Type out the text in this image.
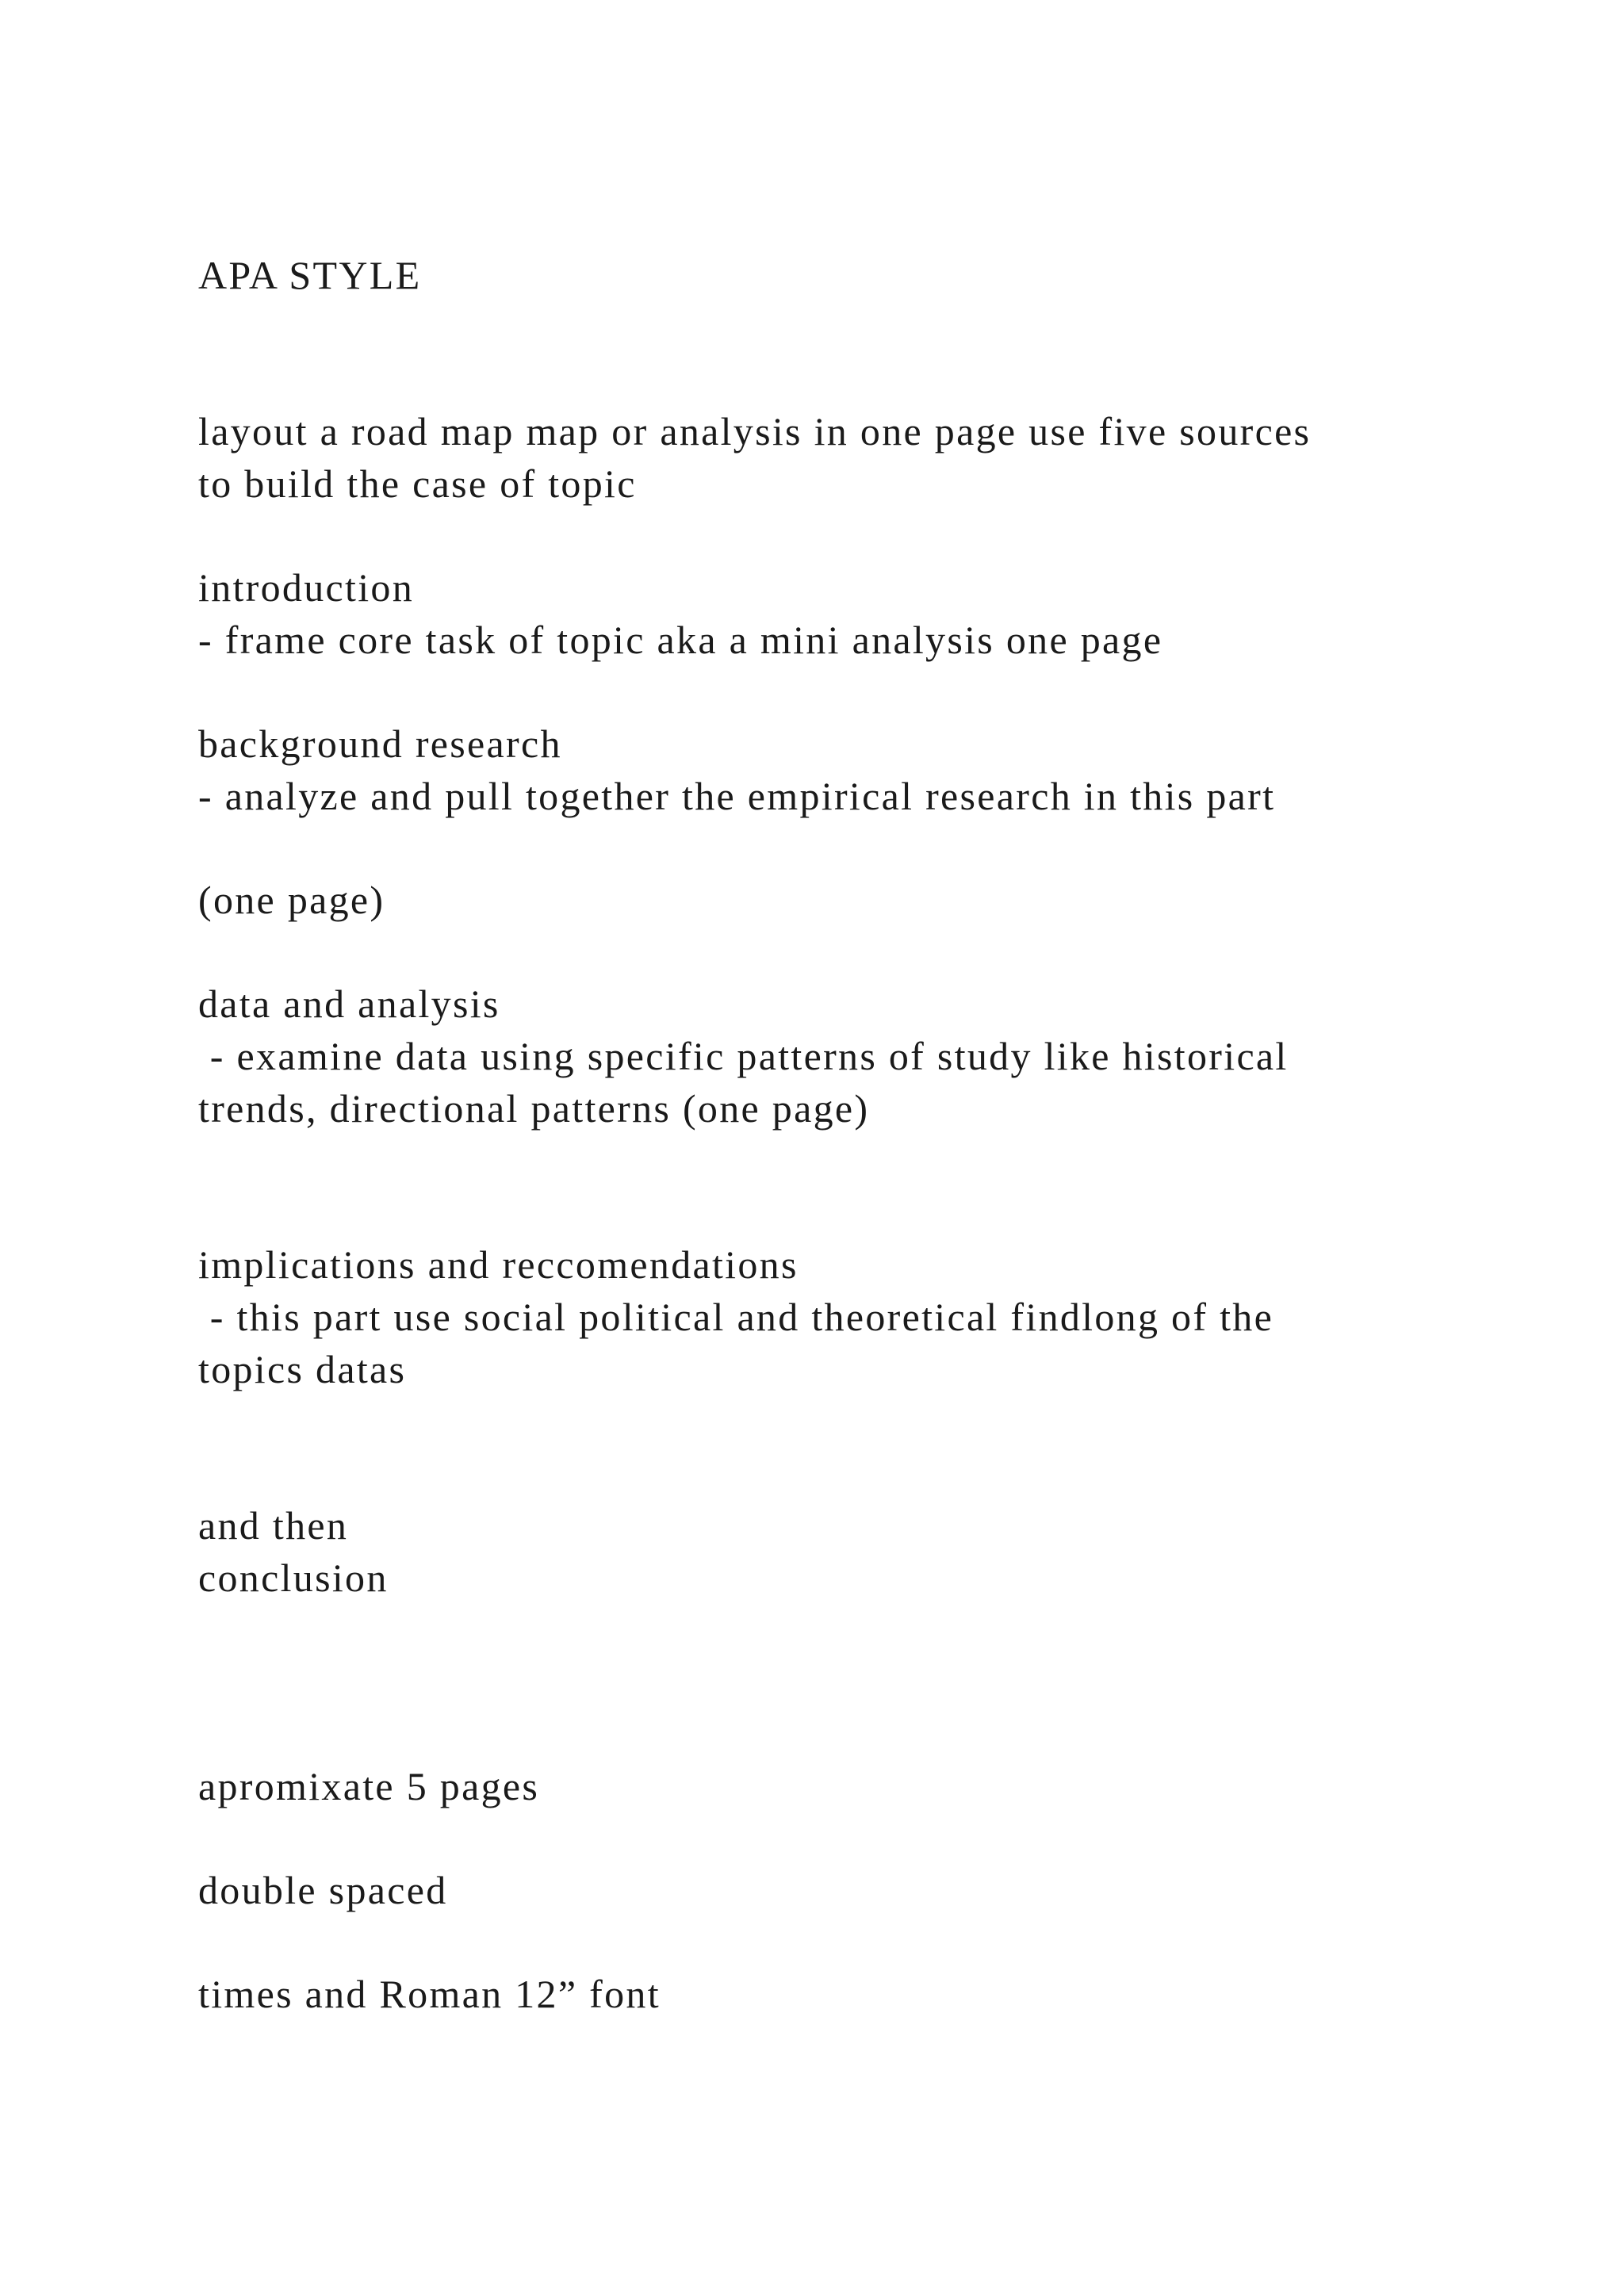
APA STYLE

layout a road map map or analysis in one page use five sources

to build the case of topic

introduction

- frame core task of topic aka a mini analysis one page

background research

- analyze and pull together the empirical research in this part

(one page)

data and analysis

- examine data using specific patterns of study like historical

trends, directional patterns (one page)

implications and reccomendations

- this part use social political and theoretical findlong of the

topics datas

and then

conclusion

apromixate 5 pages

double spaced

times and Roman 12” font
